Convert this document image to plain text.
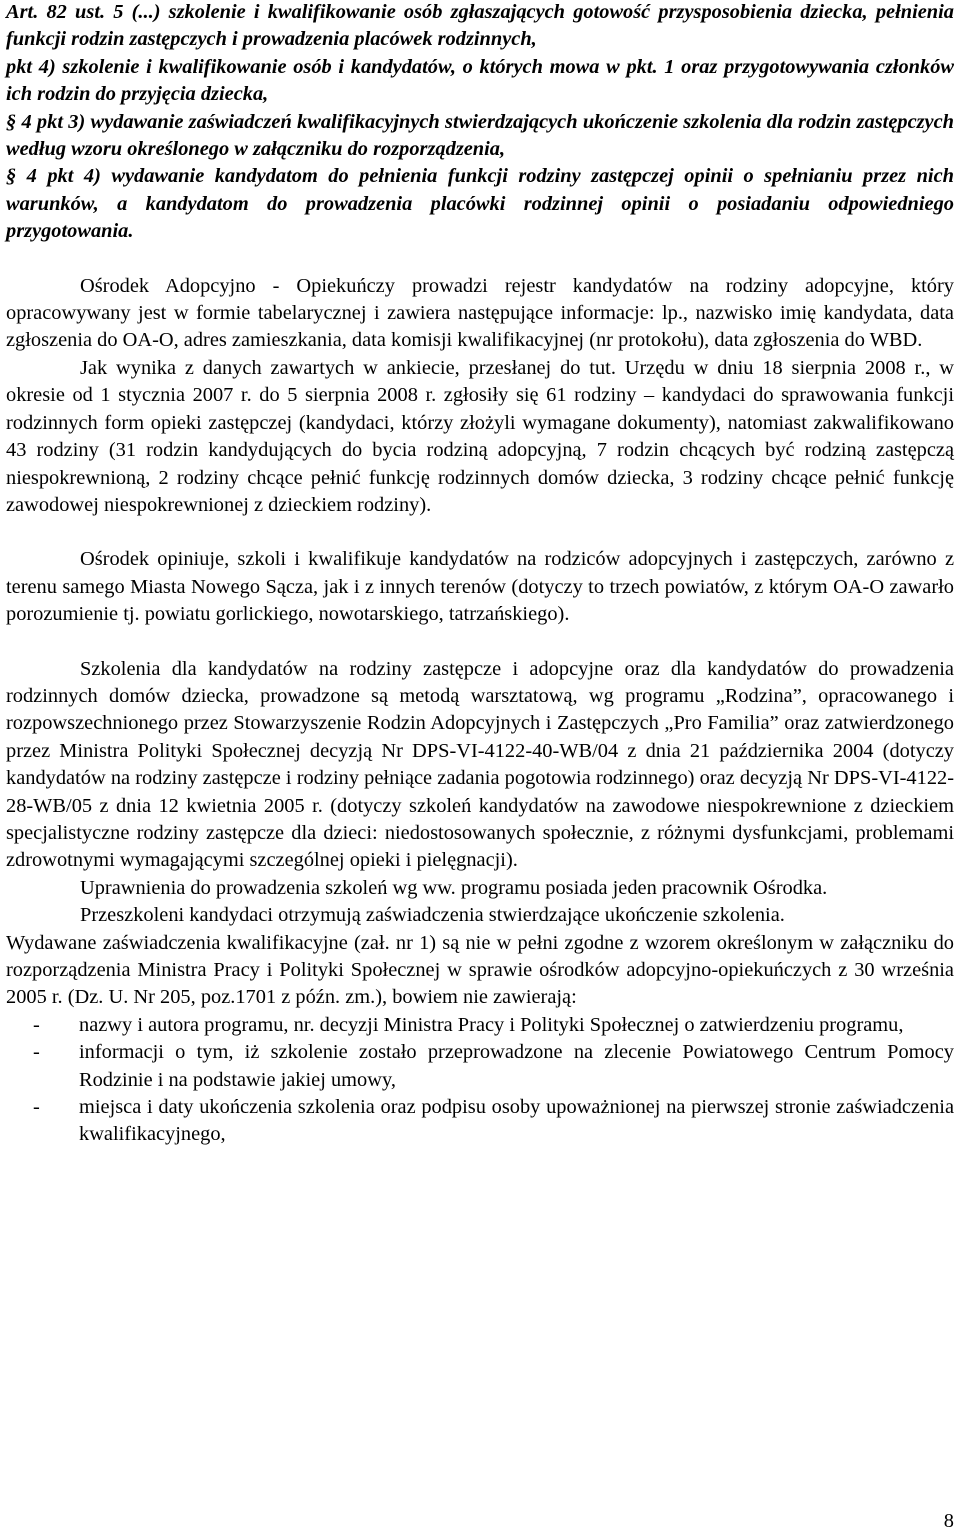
Art. 82 ust. 5 (...) szkolenie i kwalifikowanie osób zgłaszających gotowość przysposobienia dziecka, pełnienia funkcji rodzin zastępczych i prowadzenia placówek rodzinnych,

pkt 4) szkolenie i kwalifikowanie osób i kandydatów, o których mowa w pkt. 1 oraz przygotowywania członków ich rodzin do przyjęcia dziecka,

§ 4 pkt 3) wydawanie zaświadczeń kwalifikacyjnych stwierdzających ukończenie szkolenia dla rodzin zastępczych według wzoru określonego w załączniku do rozporządzenia,

§ 4 pkt 4) wydawanie kandydatom do pełnienia funkcji rodziny zastępczej opinii o spełnianiu przez nich warunków, a kandydatom do prowadzenia placówki rodzinnej opinii o posiadaniu odpowiedniego przygotowania.

Ośrodek Adopcyjno - Opiekuńczy prowadzi rejestr kandydatów na rodziny adopcyjne, który opracowywany jest w formie tabelarycznej i zawiera następujące informacje: lp., nazwisko imię kandydata, data zgłoszenia do OA-O, adres zamieszkania, data komisji kwalifikacyjnej (nr protokołu), data zgłoszenia do WBD.

Jak wynika z danych zawartych w ankiecie, przesłanej do tut. Urzędu w dniu 18 sierpnia 2008 r., w okresie od 1 stycznia 2007 r. do 5 sierpnia 2008 r. zgłosiły się 61 rodziny – kandydaci do sprawowania funkcji rodzinnych form opieki zastępczej (kandydaci, którzy złożyli wymagane dokumenty), natomiast zakwalifikowano 43 rodziny (31 rodzin kandydujących do bycia rodziną adopcyjną, 7 rodzin chcących być rodziną zastępczą niespokrewnioną, 2 rodziny chcące pełnić funkcję rodzinnych domów dziecka, 3 rodziny chcące pełnić funkcję zawodowej niespokrewnionej z dzieckiem rodziny).

Ośrodek opiniuje, szkoli i kwalifikuje kandydatów na rodziców adopcyjnych i zastępczych, zarówno z terenu samego Miasta Nowego Sącza, jak i z innych terenów (dotyczy to trzech powiatów, z którym OA-O zawarło porozumienie tj. powiatu gorlickiego, nowotarskiego, tatrzańskiego).

Szkolenia dla kandydatów na rodziny zastępcze i adopcyjne oraz dla kandydatów do prowadzenia rodzinnych domów dziecka, prowadzone są metodą warsztatową, wg programu „Rodzina”, opracowanego i rozpowszechnionego przez Stowarzyszenie Rodzin Adopcyjnych i Zastępczych „Pro Familia” oraz zatwierdzonego przez Ministra Polityki Społecznej decyzją Nr DPS-VI-4122-40-WB/04 z dnia 21 października 2004 (dotyczy kandydatów na rodziny zastępcze i rodziny pełniące zadania pogotowia rodzinnego) oraz decyzją Nr DPS-VI-4122-28-WB/05 z dnia 12 kwietnia 2005 r. (dotyczy szkoleń kandydatów na zawodowe niespokrewnione z dzieckiem specjalistyczne rodziny zastępcze dla dzieci: niedostosowanych społecznie, z różnymi dysfunkcjami, problemami zdrowotnymi wymagającymi szczególnej opieki i pielęgnacji).

Uprawnienia do prowadzenia szkoleń wg ww. programu posiada jeden pracownik Ośrodka.

Przeszkoleni kandydaci otrzymują zaświadczenia stwierdzające ukończenie szkolenia.

Wydawane zaświadczenia kwalifikacyjne (zał. nr 1) są nie w pełni zgodne z wzorem określonym w załączniku do rozporządzenia Ministra Pracy i Polityki Społecznej w sprawie ośrodków adopcyjno-opiekuńczych z 30 września 2005 r. (Dz. U. Nr 205, poz.1701 z późn. zm.), bowiem nie zawierają:

- nazwy i autora programu, nr. decyzji Ministra Pracy i Polityki Społecznej o zatwierdzeniu programu,
- informacji o tym, iż szkolenie zostało przeprowadzone na zlecenie Powiatowego Centrum Pomocy Rodzinie i na podstawie jakiej umowy,
- miejsca i daty ukończenia szkolenia oraz podpisu osoby upoważnionej na pierwszej stronie zaświadczenia kwalifikacyjnego,
8
